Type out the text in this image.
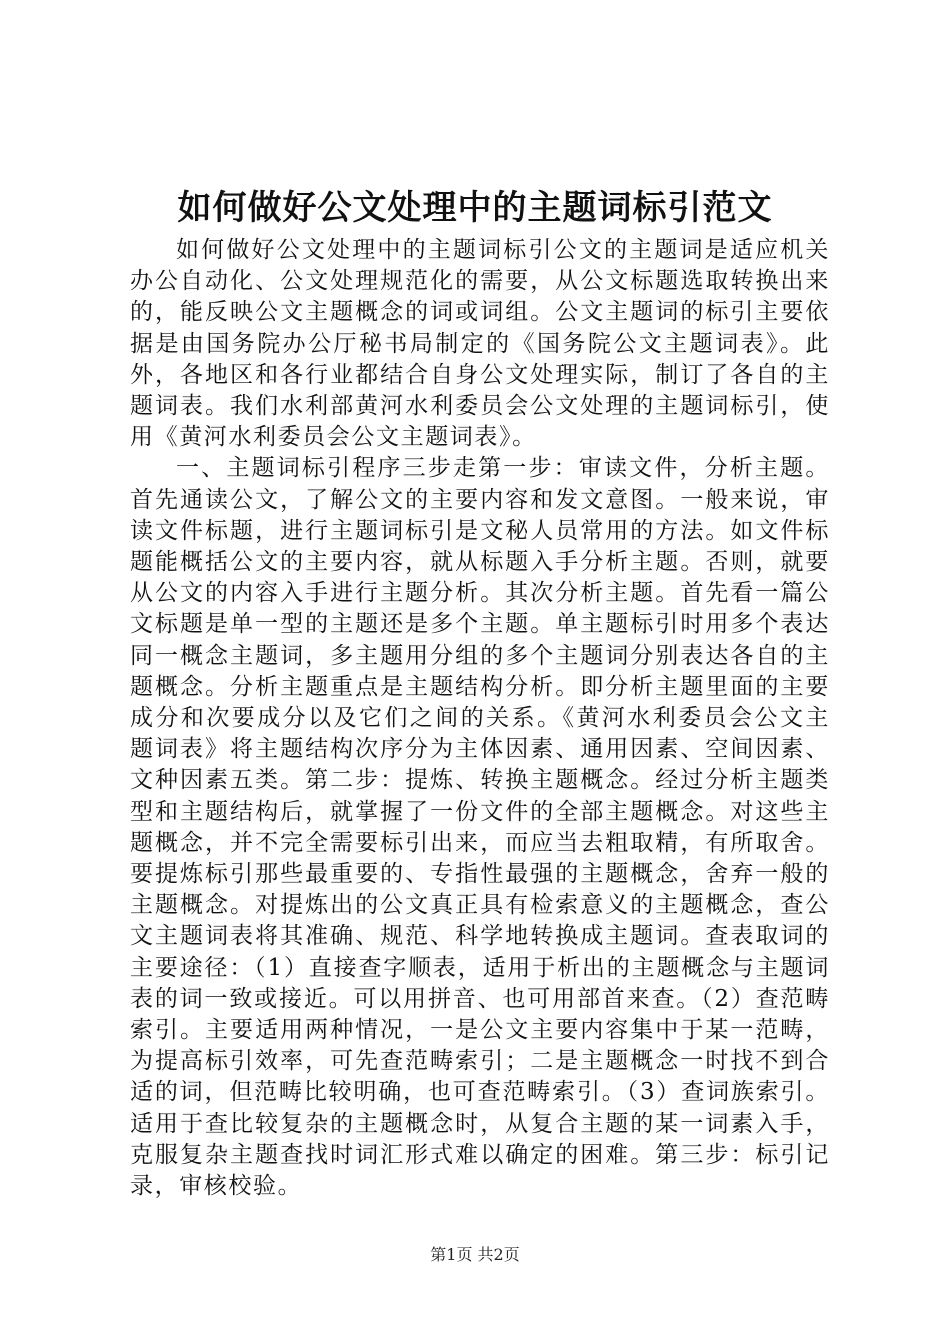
如何做好公文处理中的主题词标引范文

如何做好公文处理中的主题词标引公文的主题词是适应机关办公自动化、公文处理规范化的需要，从公文标题选取转换出来的，能反映公文主题概念的词或词组。公文主题词的标引主要依据是由国务院办公厅秘书局制定的《国务院公文主题词表》。此外，各地区和各行业都结合自身公文处理实际，制订了各自的主题词表。我们水利部黄河水利委员会公文处理的主题词标引，使用《黄河水利委员会公文主题词表》。

一、主题词标引程序三步走第一步：审读文件，分析主题。首先通读公文，了解公文的主要内容和发文意图。一般来说，审读文件标题，进行主题词标引是文秘人员常用的方法。如文件标题能概括公文的主要内容，就从标题入手分析主题。否则，就要从公文的内容入手进行主题分析。其次分析主题。首先看一篇公文标题是单一型的主题还是多个主题。单主题标引时用多个表达同一概念主题词，多主题用分组的多个主题词分别表达各自的主题概念。分析主题重点是主题结构分析。即分析主题里面的主要成分和次要成分以及它们之间的关系。《黄河水利委员会公文主题词表》将主题结构次序分为主体因素、通用因素、空间因素、文种因素五类。第二步：提炼、转换主题概念。经过分析主题类型和主题结构后，就掌握了一份文件的全部主题概念。对这些主题概念，并不完全需要标引出来，而应当去粗取精，有所取舍。要提炼标引那些最重要的、专指性最强的主题概念，舍弃一般的主题概念。对提炼出的公文真正具有检索意义的主题概念，查公文主题词表将其准确、规范、科学地转换成主题词。查表取词的主要途径：（1）直接查字顺表，适用于析出的主题概念与主题词表的词一致或接近。可以用拼音、也可用部首来查。（2）查范畴索引。主要适用两种情况，一是公文主要内容集中于某一范畴，为提高标引效率，可先查范畴索引；二是主题概念一时找不到合适的词，但范畴比较明确，也可查范畴索引。（3）查词族索引。适用于查比较复杂的主题概念时，从复合主题的某一词素入手，克服复杂主题查找时词汇形式难以确定的困难。第三步：标引记录，审核校验。

第1页 共2页
